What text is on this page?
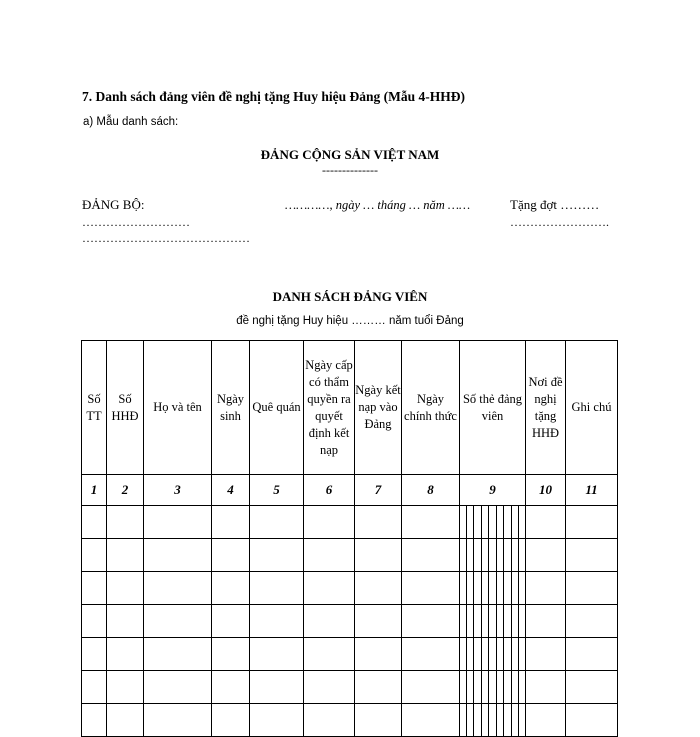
7. Danh sách đảng viên đề nghị tặng Huy hiệu Đảng (Mẫu 4-HHĐ)
a) Mẫu danh sách:
ĐẢNG CỘNG SẢN VIỆT NAM
--------------
ĐẢNG BỘ:
………………………
……………………………………
…………, ngày … tháng … năm ……	Tặng đợt ………
…………………….
DANH SÁCH ĐẢNG VIÊN
đề nghị tặng Huy hiệu ……… năm tuổi Đảng
Số TT	Số HHĐ	Họ và tên	Ngày sinh	Quê quán	Ngày cấp có thẩm quyền ra quyết định kết nạp	Ngày kết nạp vào Đảng	Ngày chính thức	Số thẻ đảng viên	Nơi đề nghị tặng HHĐ	Ghi chú
1	2	3	4	5	6	7	8	9	10	11
